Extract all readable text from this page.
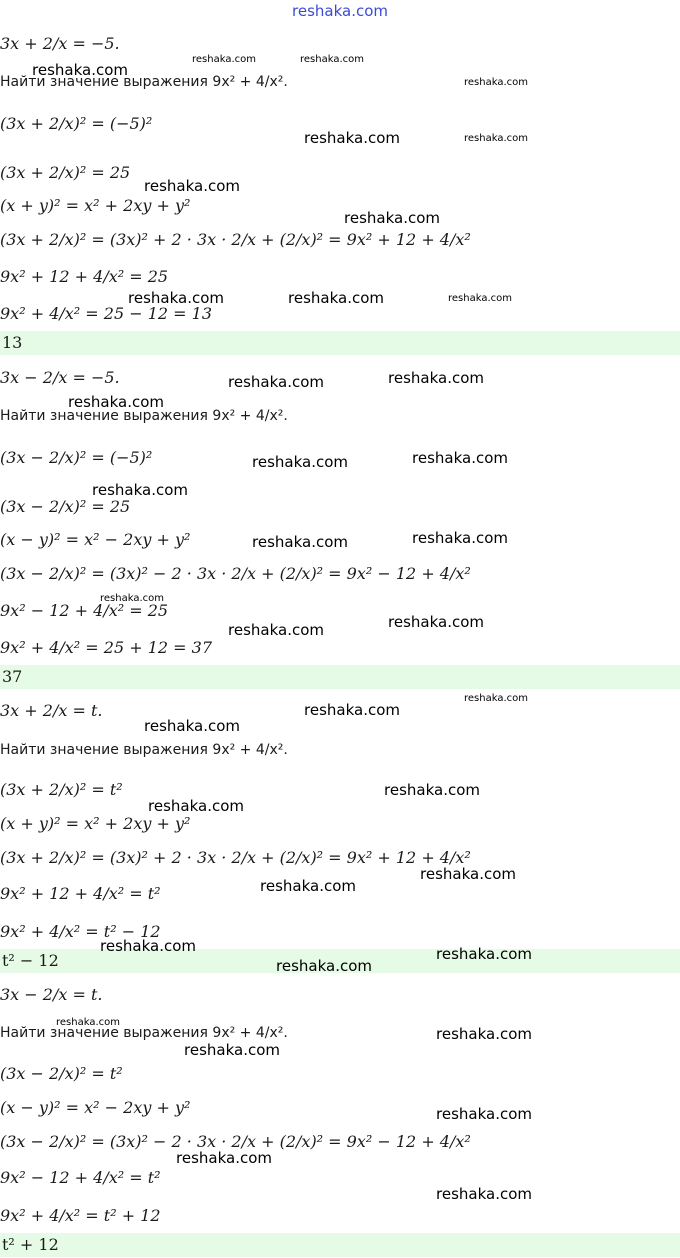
reshaka.com
3x + 2/x = −5.
Найти значение выражения 9x² + 4/x².
(3x + 2/x)² = (−5)²
(3x + 2/x)² = 25
(x + y)² = x² + 2xy + y²
(3x + 2/x)² = (3x)² + 2 · 3x · 2/x + (2/x)² = 9x² + 12 + 4/x²
9x² + 12 + 4/x² = 25
9x² + 4/x² = 25 − 12 = 13
13
3x − 2/x = −5.
Найти значение выражения 9x² + 4/x².
(3x − 2/x)² = (−5)²
(3x − 2/x)² = 25
(x − y)² = x² − 2xy + y²
(3x − 2/x)² = (3x)² − 2 · 3x · 2/x + (2/x)² = 9x² − 12 + 4/x²
9x² − 12 + 4/x² = 25
9x² + 4/x² = 25 + 12 = 37
37
3x + 2/x = t.
Найти значение выражения 9x² + 4/x².
(3x + 2/x)² = t²
(x + y)² = x² + 2xy + y²
(3x + 2/x)² = (3x)² + 2 · 3x · 2/x + (2/x)² = 9x² + 12 + 4/x²
9x² + 12 + 4/x² = t²
9x² + 4/x² = t² − 12
t² − 12
3x − 2/x = t.
Найти значение выражения 9x² + 4/x².
(3x − 2/x)² = t²
(x − y)² = x² − 2xy + y²
(3x − 2/x)² = (3x)² − 2 · 3x · 2/x + (2/x)² = 9x² − 12 + 4/x²
9x² − 12 + 4/x² = t²
9x² + 4/x² = t² + 12
t² + 12
reshaka.com	reshaka.com
reshaka.com
reshaka.com
reshaka.com	reshaka.com
reshaka.com
reshaka.com
reshaka.com	reshaka.com	reshaka.com
reshaka.com	reshaka.com
reshaka.com
reshaka.com	reshaka.com
reshaka.com
reshaka.com	reshaka.com
reshaka.com
reshaka.com	reshaka.com
reshaka.com
reshaka.com
reshaka.com
reshaka.com
reshaka.com
reshaka.com
reshaka.com
reshaka.com
reshaka.com
reshaka.com
reshaka.com
reshaka.com
reshaka.com
reshaka.com
reshaka.com
reshaka.com
